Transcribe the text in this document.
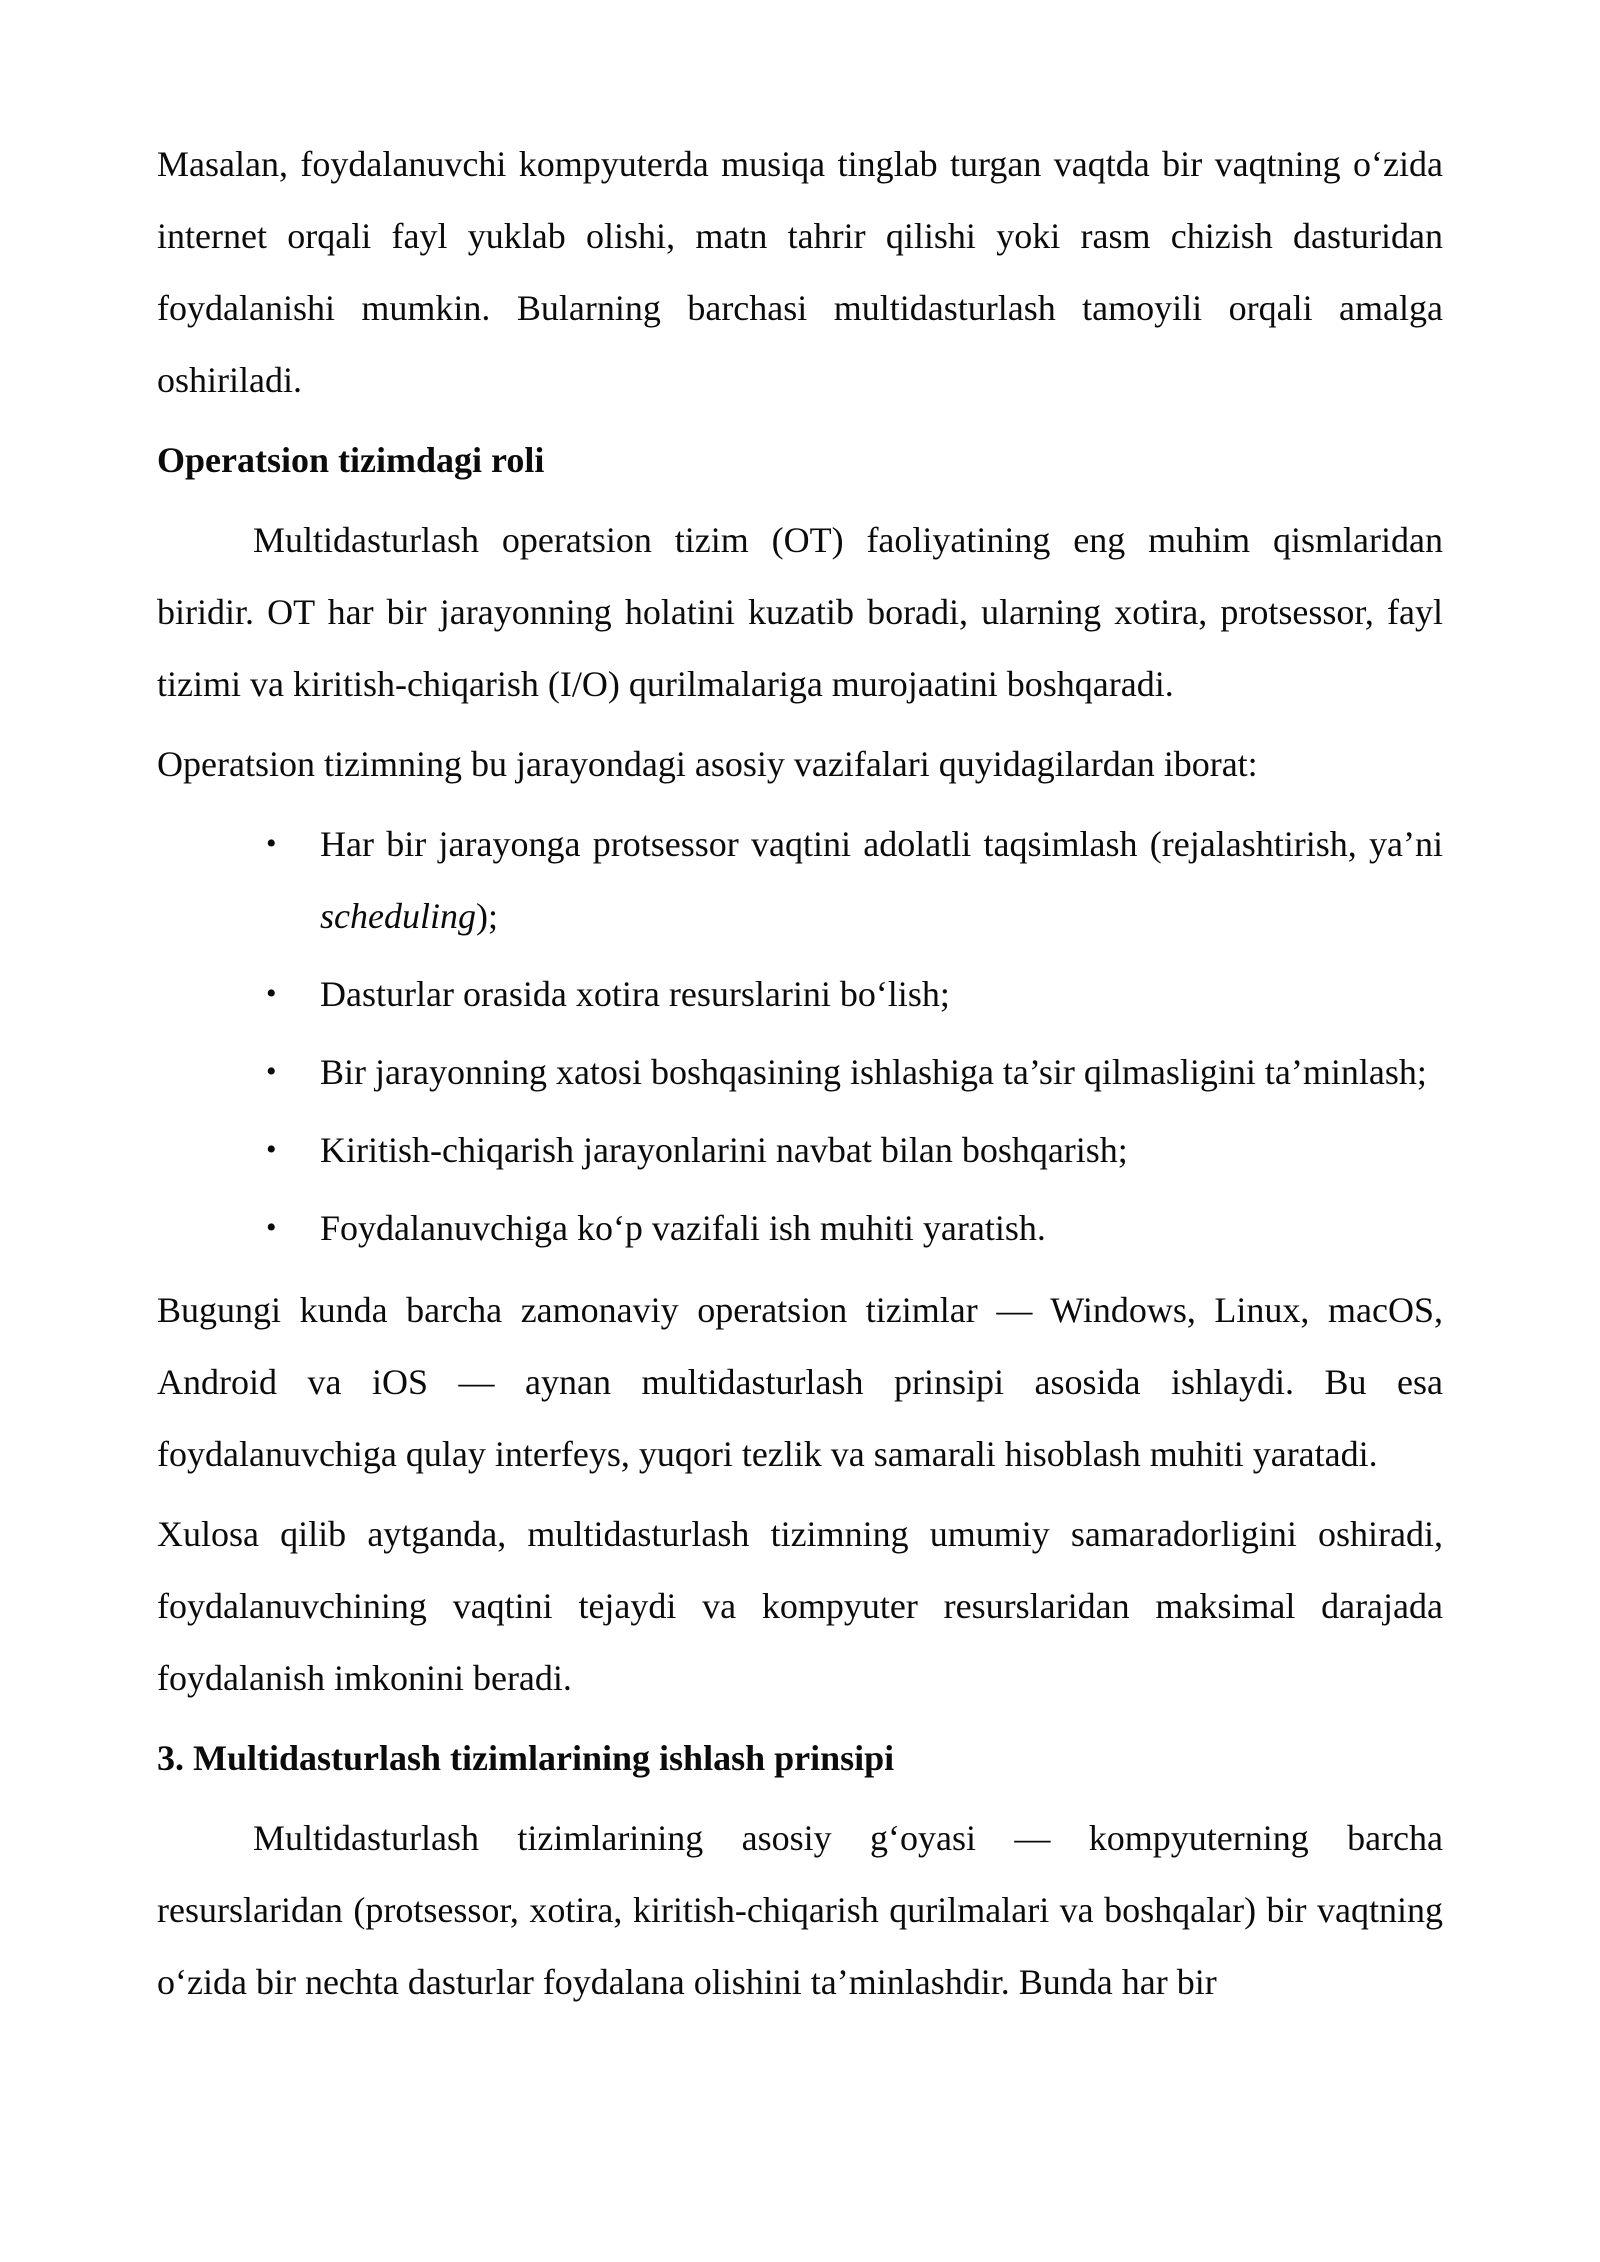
Masalan, foydalanuvchi kompyuterda musiqa tinglab turgan vaqtda bir vaqtning oʻzida internet orqali fayl yuklab olishi, matn tahrir qilishi yoki rasm chizish dasturidan foydalanishi mumkin. Bularning barchasi multidasturlash tamoyili orqali amalga oshiriladi.

Operatsion tizimdagi roli

Multidasturlash operatsion tizim (OT) faoliyatining eng muhim qismlaridan biridir. OT har bir jarayonning holatini kuzatib boradi, ularning xotira, protsessor, fayl tizimi va kiritish-chiqarish (I/O) qurilmalariga murojaatini boshqaradi.

Operatsion tizimning bu jarayondagi asosiy vazifalari quyidagilardan iborat:

• Har bir jarayonga protsessor vaqtini adolatli taqsimlash (rejalashtirish, ya’ni scheduling);
• Dasturlar orasida xotira resurslarini boʻlish;
• Bir jarayonning xatosi boshqasining ishlashiga ta’sir qilmasligini ta’minlash;
• Kiritish-chiqarish jarayonlarini navbat bilan boshqarish;
• Foydalanuvchiga koʻp vazifali ish muhiti yaratish.

Bugungi kunda barcha zamonaviy operatsion tizimlar — Windows, Linux, macOS, Android va iOS — aynan multidasturlash prinsipi asosida ishlaydi. Bu esa foydalanuvchiga qulay interfeys, yuqori tezlik va samarali hisoblash muhiti yaratadi.

Xulosa qilib aytganda, multidasturlash tizimning umumiy samaradorligini oshiradi, foydalanuvchining vaqtini tejaydi va kompyuter resurslaridan maksimal darajada foydalanish imkonini beradi.

3. Multidasturlash tizimlarining ishlash prinsipi

Multidasturlash tizimlarining asosiy gʻoyasi — kompyuterning barcha resurslaridan (protsessor, xotira, kiritish-chiqarish qurilmalari va boshqalar) bir vaqtning oʻzida bir nechta dasturlar foydalana olishini ta’minlashdir. Bunda har bir
